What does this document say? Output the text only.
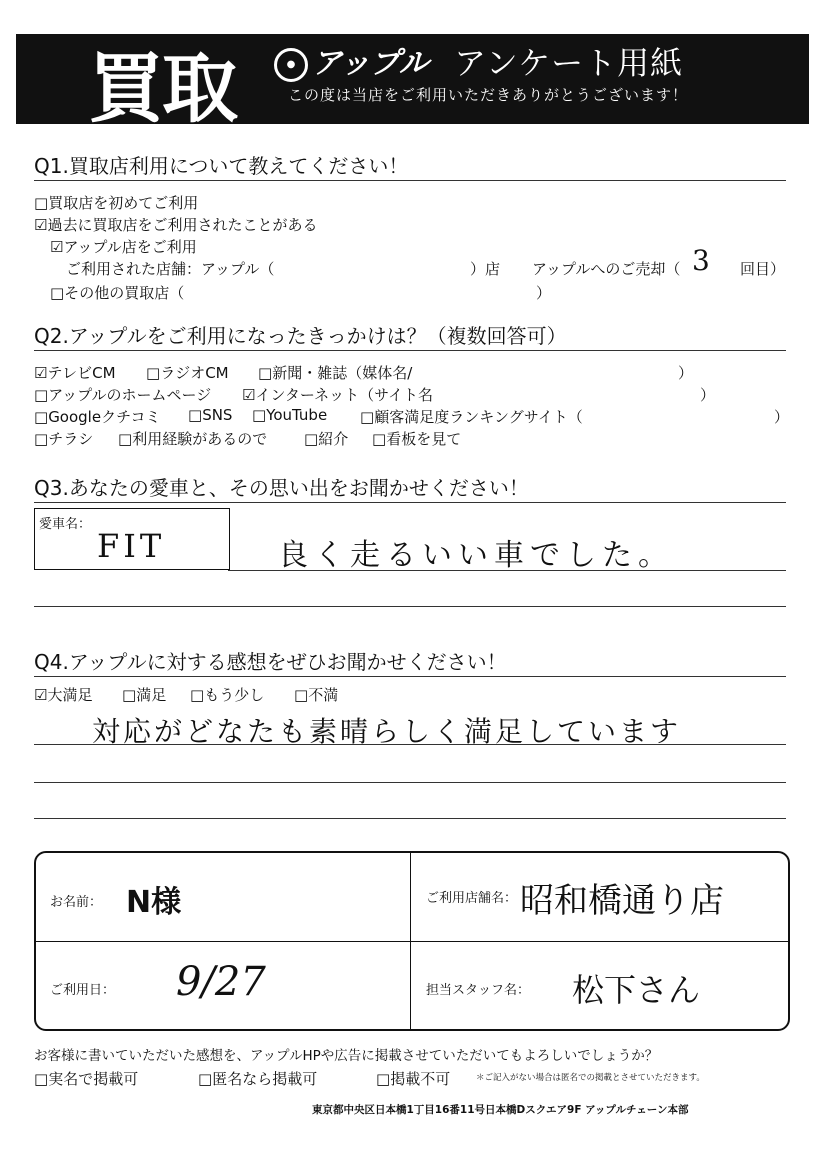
買取	● アップル アンケート用紙
この度は当店をご利用いただきありがとうございます！
Q1.買取店利用について教えてください！
□ 買取店を初めてご利用
☑ 過去に買取店をご利用されたことがある
☑ アップル店をご利用
ご利用された店舗：アップル（	）店 アップルへのご売却（ 3 回目）
□ その他の買取店（	）
Q2.アップルをご利用になったきっかけは？（複数回答可）
☑ テレビCM	□ ラジオCM	□ 新聞・雑誌（媒体名/	）
□ アップルのホームページ	☑ インターネット（サイト名	）
□ Googleクチコミ	□ SNS	□ YouTube	□ 顧客満足度ランキングサイト（	）
□ チラシ	□ 利用経験があるので	□ 紹介	□ 看板を見て
Q3.あなたの愛車と、その思い出をお聞かせください！
愛車名：
FIT	良く走るいい車でした。
Q4.アップルに対する感想をぜひお聞かせください！
☑ 大満足	□ 満足	□ もう少し	□ 不満
対応がどなたも素晴らしく満足しています
お名前： N様	ご利用店舗名： 昭和橋通り店
ご利用日： 9/27	担当スタッフ名： 松下さん
お客様に書いていただいた感想を、アップルHPや広告に掲載させていただいてもよろしいでしょうか？
□ 実名で掲載可	□ 匿名なら掲載可	□ 掲載不可	＊ご記入がない場合は匿名での掲載とさせていただきます。
東京都中央区日本橋1丁目16番11号日本橋Dスクエア9F アップルチェーン本部
